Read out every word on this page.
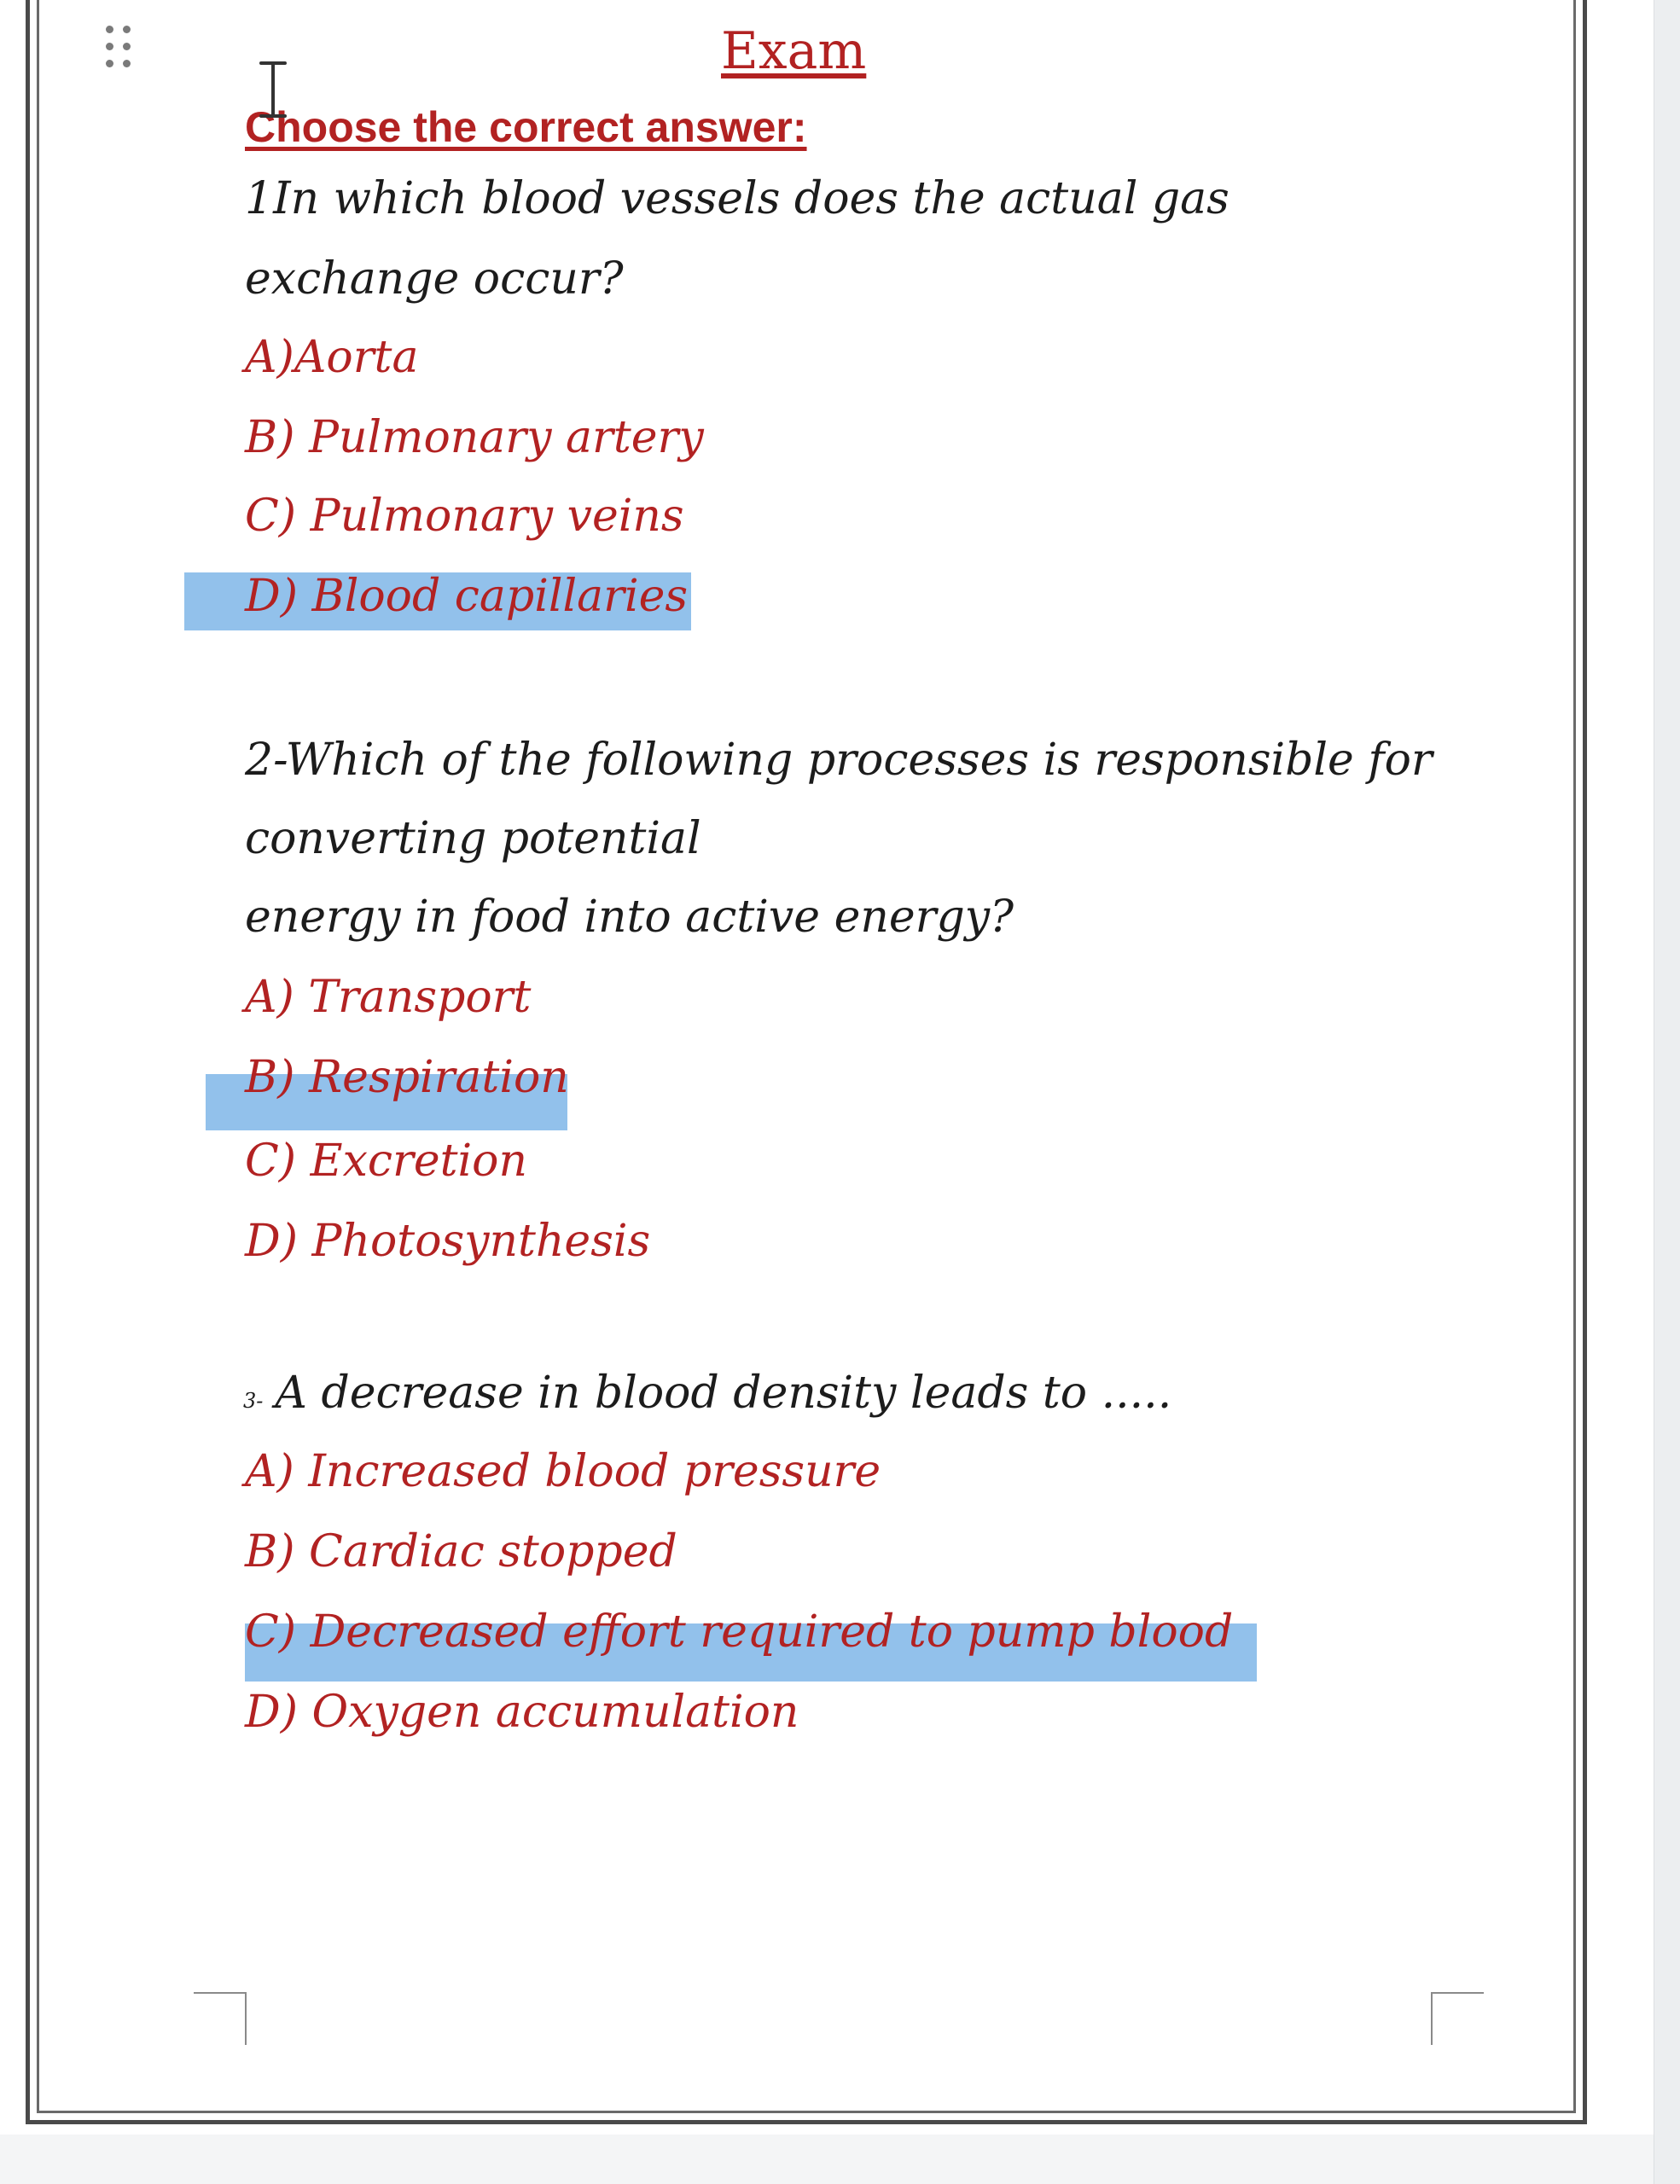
Exam
Choose the correct answer:
1In which blood vessels does the actual gas
exchange occur?
A)Aorta
B) Pulmonary artery
C) Pulmonary veins
D) Blood capillaries
2-Which of the following processes is responsible for
converting potential
energy in food into active energy?
A) Transport
B) Respiration
C) Excretion
D) Photosynthesis
3- A decrease in blood density leads to .....
A) Increased blood pressure
B) Cardiac stopped
C) Decreased effort required to pump blood
D) Oxygen accumulation
